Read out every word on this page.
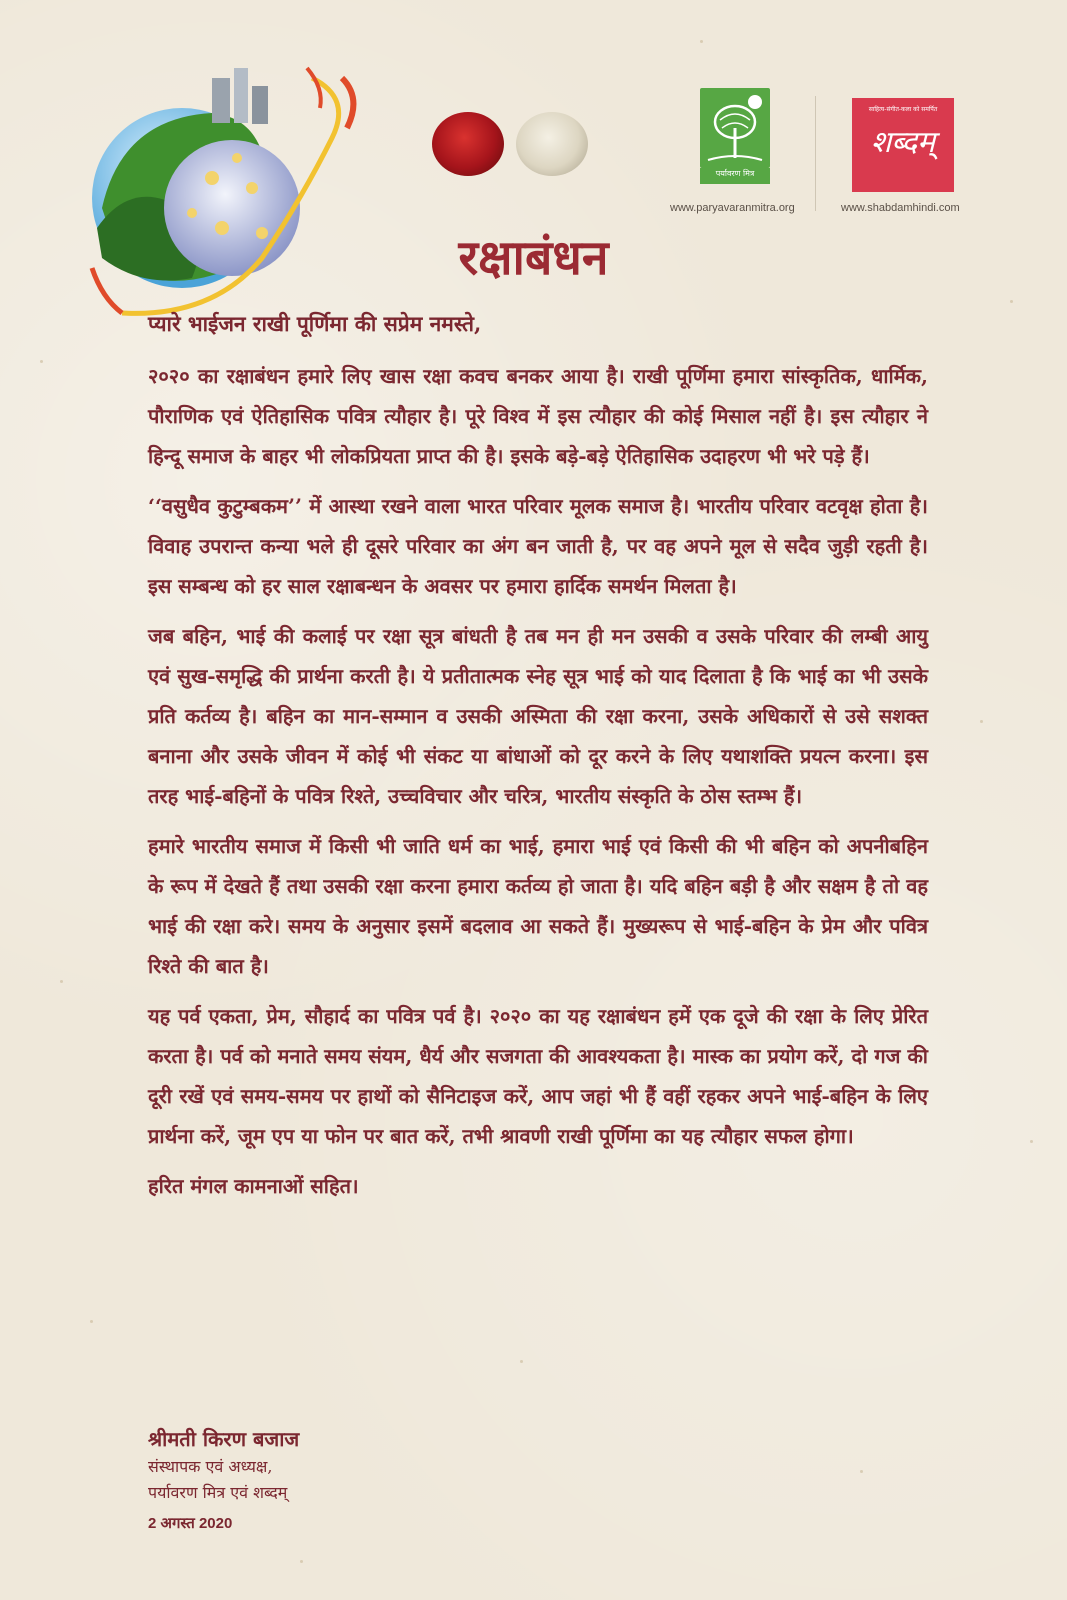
पर्यावरण मित्र
www.paryavaranmitra.org
साहित्य-संगीत-कला को समर्पित
शब्दम्
www.shabdamhindi.com
रक्षाबंधन

प्यारे भाईजन राखी पूर्णिमा की सप्रेम नमस्ते,

२०२० का रक्षाबंधन हमारे लिए खास रक्षा कवच बनकर आया है। राखी पूर्णिमा हमारा सांस्कृतिक, धार्मिक, पौराणिक एवं ऐतिहासिक पवित्र त्यौहार है। पूरे विश्व में इस त्यौहार की कोई मिसाल नहीं है। इस त्यौहार ने हिन्दू समाज के बाहर भी लोकप्रियता प्राप्त की है। इसके बड़े-बड़े ऐतिहासिक उदाहरण भी भरे पड़े हैं।

‘‘वसुधैव कुटुम्बकम’’ में आस्था रखने वाला भारत परिवार मूलक समाज है। भारतीय परिवार वटवृक्ष होता है। विवाह उपरान्त कन्या भले ही दूसरे परिवार का अंग बन जाती है, पर वह अपने मूल से सदैव जुड़ी रहती है। इस सम्बन्ध को हर साल रक्षाबन्धन के अवसर पर हमारा हार्दिक समर्थन मिलता है।

जब बहिन, भाई की कलाई पर रक्षा सूत्र बांधती है तब मन ही मन उसकी व उसके परिवार की लम्बी आयु एवं सुख-समृद्धि की प्रार्थना करती है। ये प्रतीतात्मक स्नेह सूत्र भाई को याद दिलाता है कि भाई का भी उसके प्रति कर्तव्य है। बहिन का मान-सम्मान व उसकी अस्मिता की रक्षा करना, उसके अधिकारों से उसे सशक्त बनाना और उसके जीवन में कोई भी संकट या बांधाओं को दूर करने के लिए यथाशक्ति प्रयत्न करना। इस तरह भाई-बहिनों के पवित्र रिश्ते, उच्चविचार और चरित्र, भारतीय संस्कृति के ठोस स्तम्भ हैं।

हमारे भारतीय समाज में किसी भी जाति धर्म का भाई, हमारा भाई एवं किसी की भी बहिन को अपनीबहिन के रूप में देखते हैं तथा उसकी रक्षा करना हमारा कर्तव्य हो जाता है। यदि बहिन बड़ी है और सक्षम है तो वह भाई की रक्षा करे। समय के अनुसार इसमें बदलाव आ सकते हैं। मुख्यरूप से भाई-बहिन के प्रेम और पवित्र रिश्ते की बात है।

यह पर्व एकता, प्रेम, सौहार्द का पवित्र पर्व है। २०२० का यह रक्षाबंधन हमें एक दूजे की रक्षा के लिए प्रेरित करता है। पर्व को मनाते समय संयम, धैर्य और सजगता की आवश्यकता है। मास्क का प्रयोग करें, दो गज की दूरी रखें एवं समय-समय पर हाथों को सैनिटाइज करें, आप जहां भी हैं वहीं रहकर अपने भाई-बहिन के लिए प्रार्थना करें, जूम एप या फोन पर बात करें, तभी श्रावणी राखी पूर्णिमा का यह त्यौहार सफल होगा।

हरित मंगल कामनाओं सहित।

श्रीमती किरण बजाज
संस्थापक एवं अध्यक्ष,
पर्यावरण मित्र एवं शब्दम्
2 अगस्त 2020
